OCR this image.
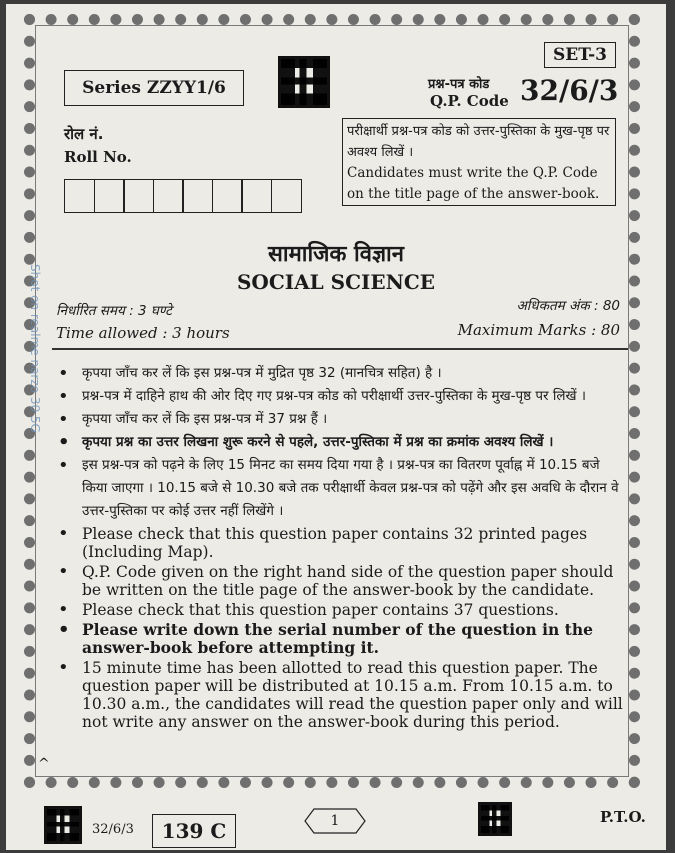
SET-3
Series ZZYY1/6	प्रश्न-पत्र कोड
Q.P. Code 32/6/3
रोल नं.
Roll No.
परीक्षार्थी प्रश्न-पत्र कोड को उत्तर-पुस्तिका के मुख-पृष्ठ पर अवश्य लिखें ।
Candidates must write the Q.P. Code on the title page of the answer-book.
सामाजिक विज्ञान
SOCIAL SCIENCE
निर्धारित समय : 3 घण्टे
Time allowed : 3 hours
अधिकतम अंक : 80
Maximum Marks : 80
• कृपया जाँच कर लें कि इस प्रश्न-पत्र में मुद्रित पृष्ठ 32 (मानचित्र सहित) है ।
• प्रश्न-पत्र में दाहिने हाथ की ओर दिए गए प्रश्न-पत्र कोड को परीक्षार्थी उत्तर-पुस्तिका के मुख-पृष्ठ पर लिखें ।
• कृपया जाँच कर लें कि इस प्रश्न-पत्र में 37 प्रश्न हैं ।
• कृपया प्रश्न का उत्तर लिखना शुरू करने से पहले, उत्तर-पुस्तिका में प्रश्न का क्रमांक अवश्य लिखें ।
• इस प्रश्न-पत्र को पढ़ने के लिए 15 मिनट का समय दिया गया है । प्रश्न-पत्र का वितरण पूर्वाह्न में 10.15 बजे किया जाएगा । 10.15 बजे से 10.30 बजे तक परीक्षार्थी केवल प्रश्न-पत्र को पढ़ेंगे और इस अवधि के दौरान वे उत्तर-पुस्तिका पर कोई उत्तर नहीं लिखेंगे ।
• Please check that this question paper contains 32 printed pages (Including Map).
• Q.P. Code given on the right hand side of the question paper should be written on the title page of the answer-book by the candidate.
• Please check that this question paper contains 37 questions.
• Please write down the serial number of the question in the answer-book before attempting it.
• 15 minute time has been allotted to read this question paper. The question paper will be distributed at 10.15 a.m. From 10.15 a.m. to 10.30 a.m., the candidates will read the question paper only and will not write any answer on the answer-book during this period.
^
32/6/3	139 C	1	P.T.O.
Shot on realme narzo 30 5G
